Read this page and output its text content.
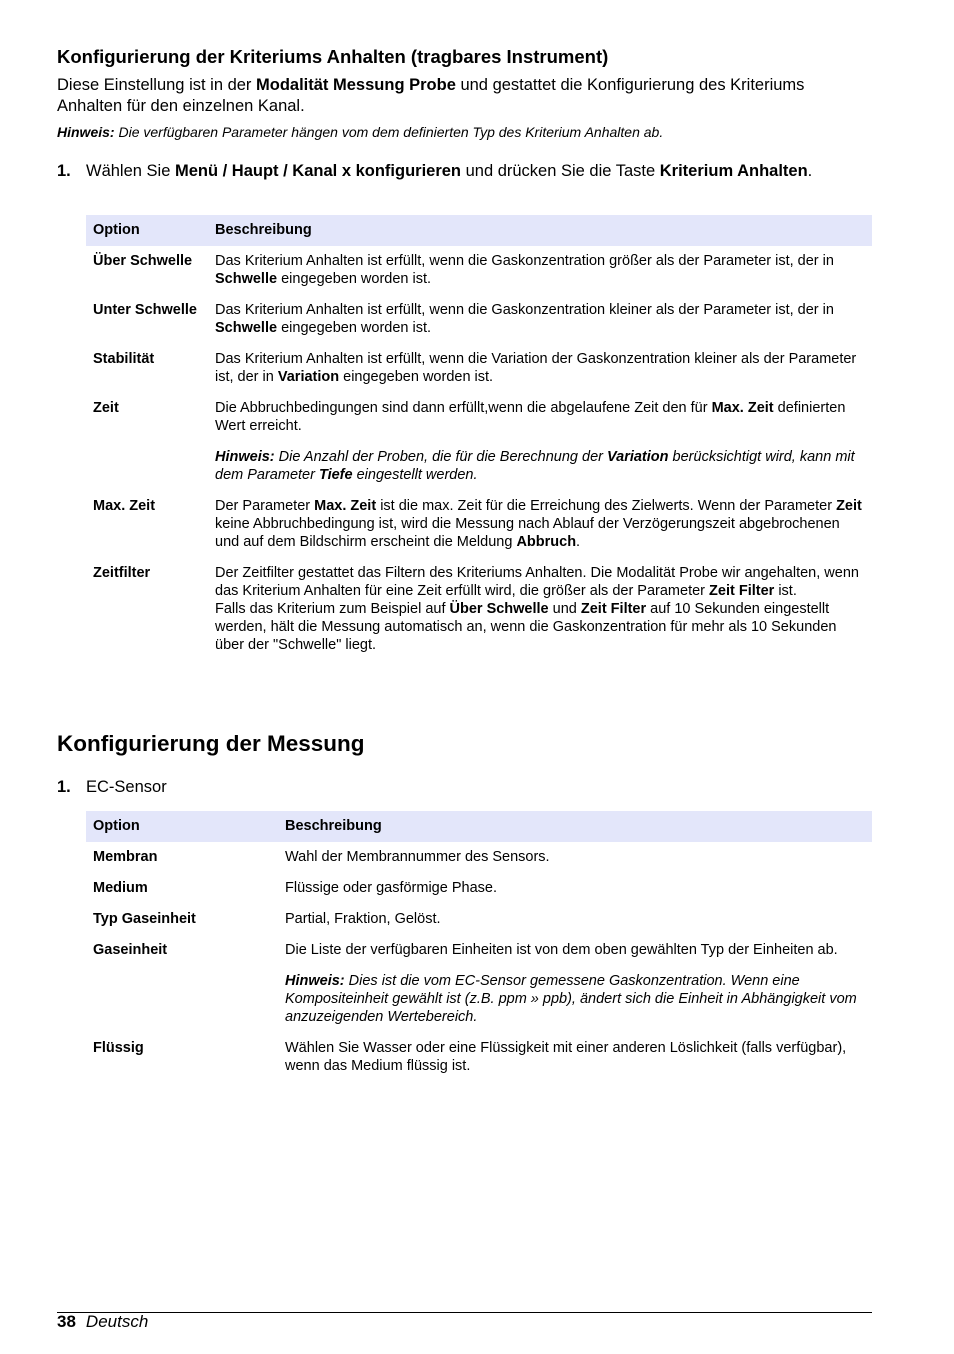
Konfigurierung der Kriteriums Anhalten (tragbares Instrument)
Diese Einstellung ist in der Modalität Messung Probe und gestattet die Konfigurierung des Kriteriums Anhalten für den einzelnen Kanal.
Hinweis: Die verfügbaren Parameter hängen vom dem definierten Typ des Kriterium Anhalten ab.
1. Wählen Sie Menü / Haupt / Kanal x konfigurieren und drücken Sie die Taste Kriterium Anhalten.
Option	Beschreibung
Über Schwelle	Das Kriterium Anhalten ist erfüllt, wenn die Gaskonzentration größer als der Parameter ist, der in Schwelle eingegeben worden ist.
Unter Schwelle	Das Kriterium Anhalten ist erfüllt, wenn die Gaskonzentration kleiner als der Parameter ist, der in Schwelle eingegeben worden ist.
Stabilität	Das Kriterium Anhalten ist erfüllt, wenn die Variation der Gaskonzentration kleiner als der Parameter ist, der in Variation eingegeben worden ist.
Zeit	Die Abbruchbedingungen sind dann erfüllt,wenn die abgelaufene Zeit den für Max. Zeit definierten Wert erreicht.
Hinweis: Die Anzahl der Proben, die für die Berechnung der Variation berücksichtigt wird, kann mit dem Parameter Tiefe eingestellt werden.

Max. Zeit	Der Parameter Max. Zeit ist die max. Zeit für die Erreichung des Zielwerts. Wenn der Parameter Zeit keine Abbruchbedingung ist, wird die Messung nach Ablauf der Verzögerungszeit abgebrochenen und auf dem Bildschirm erscheint die Meldung Abbruch.
Zeitfilter	Der Zeitfilter gestattet das Filtern des Kriteriums Anhalten. Die Modalität Probe wir angehalten, wenn das Kriterium Anhalten für eine Zeit erfüllt wird, die größer als der Parameter Zeit Filter ist.
Falls das Kriterium zum Beispiel auf Über Schwelle und Zeit Filter auf 10 Sekunden eingestellt werden, hält die Messung automatisch an, wenn die Gaskonzentration für mehr als 10 Sekunden über der "Schwelle" liegt.
Konfigurierung der Messung
1. EC-Sensor
Option	Beschreibung
Membran	Wahl der Membrannummer des Sensors.
Medium	Flüssige oder gasförmige Phase.
Typ Gaseinheit	Partial, Fraktion, Gelöst.
Gaseinheit	Die Liste der verfügbaren Einheiten ist von dem oben gewählten Typ der Einheiten ab.
Hinweis: Dies ist die vom EC-Sensor gemessene Gaskonzentration. Wenn eine Kompositeinheit gewählt ist (z.B. ppm » ppb), ändert sich die Einheit in Abhängigkeit vom anzuzeigenden Wertebereich.

Flüssig	Wählen Sie Wasser oder eine Flüssigkeit mit einer anderen Löslichkeit (falls verfügbar), wenn das Medium flüssig ist.
38 Deutsch
